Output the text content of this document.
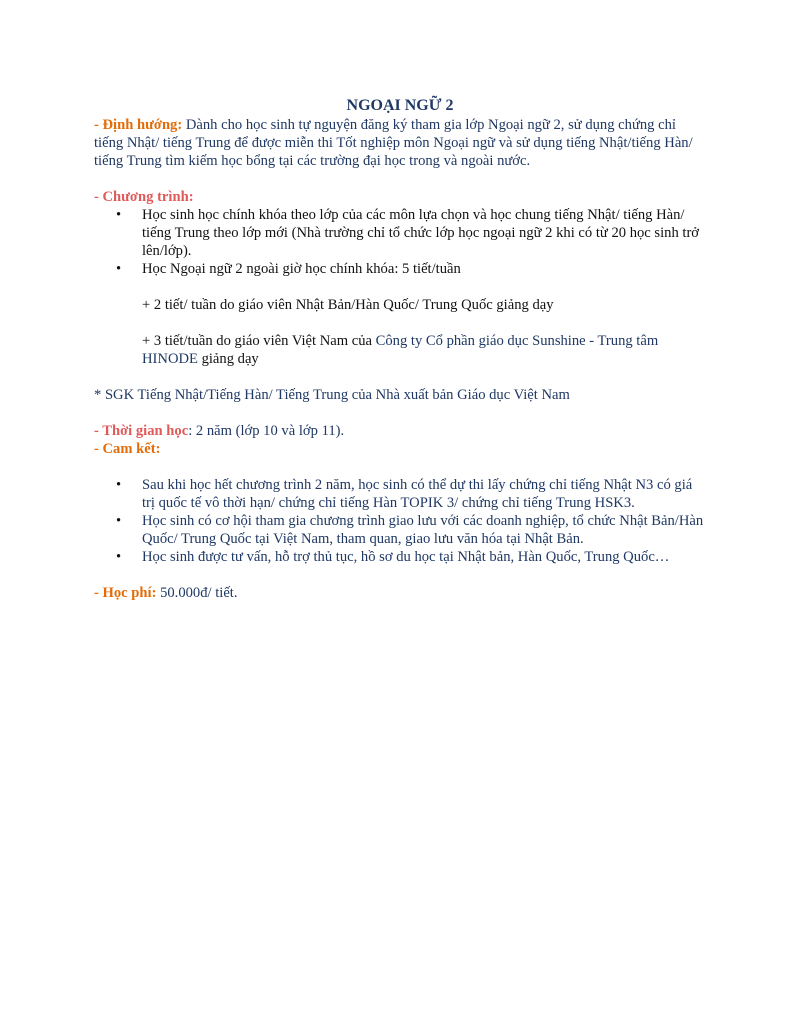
NGOẠI NGỮ 2

- Định hướng: Dành cho học sinh tự nguyện đăng ký tham gia lớp Ngoại ngữ 2, sử dụng chứng chỉ tiếng Nhật/ tiếng Trung để được miễn thi Tốt nghiệp môn Ngoại ngữ và sử dụng tiếng Nhật/tiếng Hàn/ tiếng Trung tìm kiếm học bổng tại các trường đại học trong và ngoài nước.

- Chương trình:

• Học sinh học chính khóa theo lớp của các môn lựa chọn và học chung tiếng Nhật/ tiếng Hàn/ tiếng Trung theo lớp mới (Nhà trường chỉ tổ chức lớp học ngoại ngữ 2 khi có từ 20 học sinh trở lên/lớp).
• Học Ngoại ngữ 2 ngoài giờ học chính khóa: 5 tiết/tuần

+ 2 tiết/ tuần do giáo viên Nhật Bản/Hàn Quốc/ Trung Quốc giảng dạy

+ 3 tiết/tuần do giáo viên Việt Nam của Công ty Cổ phần giáo dục Sunshine - Trung tâm HINODE giảng dạy

* SGK Tiếng Nhật/Tiếng Hàn/ Tiếng Trung của Nhà xuất bản Giáo dục Việt Nam

- Thời gian học: 2 năm (lớp 10 và lớp 11).

- Cam kết:

• Sau khi học hết chương trình 2 năm, học sinh có thể dự thi lấy chứng chỉ tiếng Nhật N3 có giá trị quốc tế vô thời hạn/ chứng chỉ tiếng Hàn TOPIK 3/ chứng chỉ tiếng Trung HSK3.
• Học sinh có cơ hội tham gia chương trình giao lưu với các doanh nghiệp, tổ chức Nhật Bản/Hàn Quốc/ Trung Quốc tại Việt Nam, tham quan, giao lưu văn hóa tại Nhật Bản.
• Học sinh được tư vấn, hỗ trợ thủ tục, hồ sơ du học tại Nhật bản, Hàn Quốc, Trung Quốc…

- Học phí: 50.000đ/ tiết.
